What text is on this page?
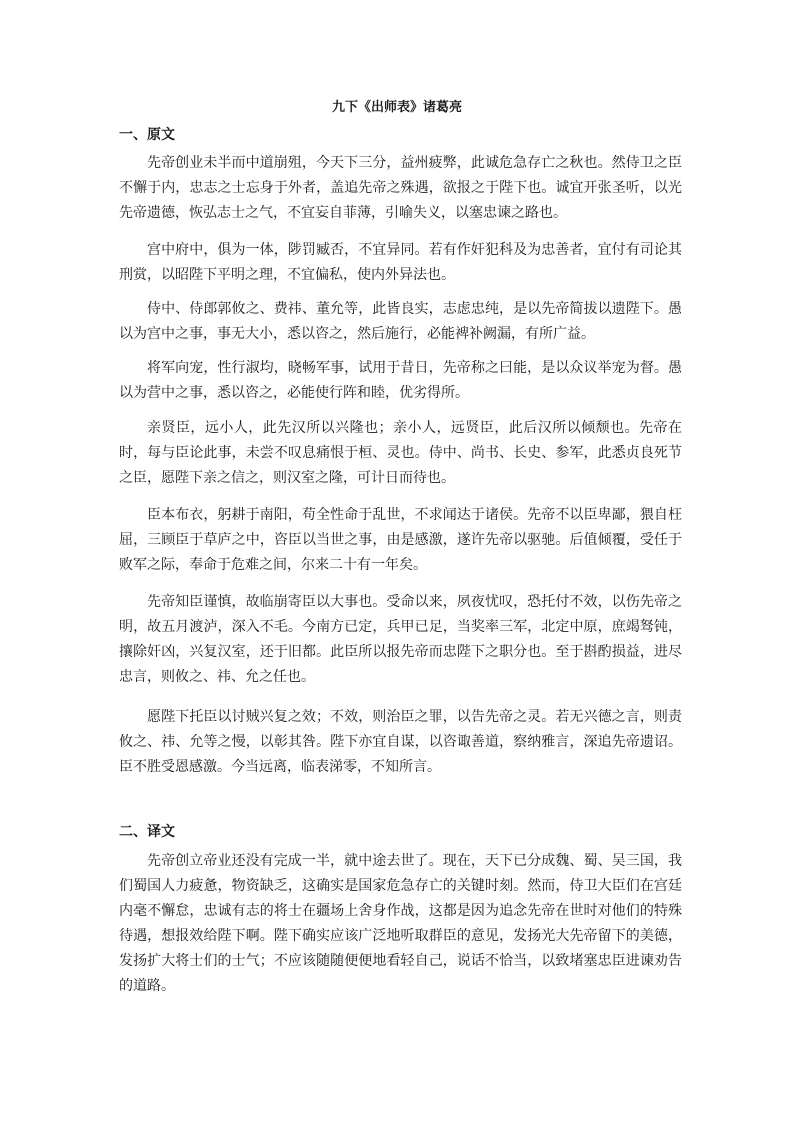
九下《出师表》诸葛亮
一、原文

先帝创业未半而中道崩殂，今天下三分，益州疲弊，此诚危急存亡之秋也。然侍卫之臣不懈于内，忠志之士忘身于外者，盖追先帝之殊遇，欲报之于陛下也。诚宜开张圣听，以光先帝遗德，恢弘志士之气，不宜妄自菲薄，引喻失义，以塞忠谏之路也。

宫中府中，俱为一体，陟罚臧否，不宜异同。若有作奸犯科及为忠善者，宜付有司论其刑赏，以昭陛下平明之理，不宜偏私，使内外异法也。

侍中、侍郎郭攸之、费祎、董允等，此皆良实，志虑忠纯，是以先帝简拔以遗陛下。愚以为宫中之事，事无大小，悉以咨之，然后施行，必能裨补阙漏，有所广益。

将军向宠，性行淑均，晓畅军事，试用于昔日，先帝称之曰能，是以众议举宠为督。愚以为营中之事，悉以咨之，必能使行阵和睦，优劣得所。

亲贤臣，远小人，此先汉所以兴隆也；亲小人，远贤臣，此后汉所以倾颓也。先帝在时，每与臣论此事，未尝不叹息痛恨于桓、灵也。侍中、尚书、长史、参军，此悉贞良死节之臣，愿陛下亲之信之，则汉室之隆，可计日而待也。

臣本布衣，躬耕于南阳，苟全性命于乱世，不求闻达于诸侯。先帝不以臣卑鄙，猥自枉屈，三顾臣于草庐之中，咨臣以当世之事，由是感激，遂许先帝以驱驰。后值倾覆，受任于败军之际，奉命于危难之间，尔来二十有一年矣。

先帝知臣谨慎，故临崩寄臣以大事也。受命以来，夙夜忧叹，恐托付不效，以伤先帝之明，故五月渡泸，深入不毛。今南方已定，兵甲已足，当奖率三军，北定中原，庶竭驽钝，攘除奸凶，兴复汉室，还于旧都。此臣所以报先帝而忠陛下之职分也。至于斟酌损益，进尽忠言，则攸之、祎、允之任也。

愿陛下托臣以讨贼兴复之效；不效，则治臣之罪，以告先帝之灵。若无兴德之言，则责攸之、祎、允等之慢，以彰其咎。陛下亦宜自谋，以咨诹善道，察纳雅言，深追先帝遗诏。臣不胜受恩感激。今当远离，临表涕零，不知所言。

二、译文

先帝创立帝业还没有完成一半，就中途去世了。现在，天下已分成魏、蜀、吴三国，我们蜀国人力疲惫，物资缺乏，这确实是国家危急存亡的关键时刻。然而，侍卫大臣们在宫廷内毫不懈怠，忠诚有志的将士在疆场上舍身作战，这都是因为追念先帝在世时对他们的特殊待遇，想报效给陛下啊。陛下确实应该广泛地听取群臣的意见，发扬光大先帝留下的美德，发扬扩大将士们的士气；不应该随随便便地看轻自己，说话不恰当，以致堵塞忠臣进谏劝告的道路。
